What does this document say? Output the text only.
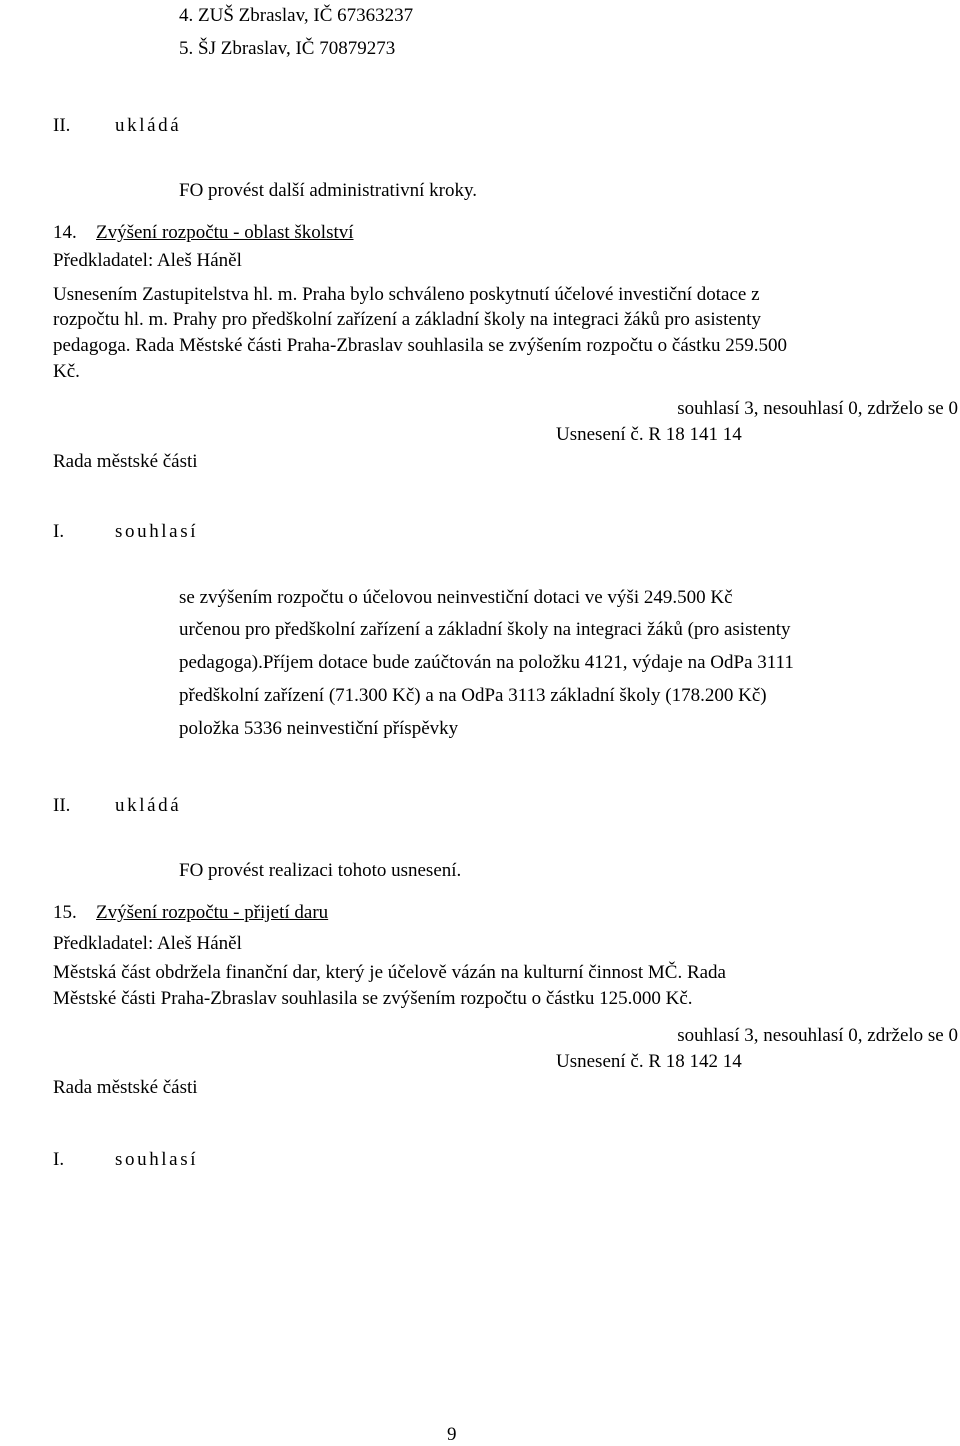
4. ZUŠ Zbraslav, IČ 67363237

5. ŠJ Zbraslav, IČ 70879273

II. ukládá

FO provést další administrativní kroky.

14. Zvýšení rozpočtu - oblast školství

Předkladatel: Aleš Háněl

Usnesením Zastupitelstva hl. m. Praha bylo schváleno poskytnutí účelové investiční dotace z

rozpočtu hl. m. Prahy pro předškolní zařízení a základní školy na integraci žáků pro asistenty

pedagoga. Rada Městské části Praha-Zbraslav souhlasila se zvýšením rozpočtu o částku 259.500

Kč.

souhlasí 3, nesouhlasí 0, zdrželo se 0

Usnesení č. R 18 141 14

Rada městské části

I.	souhlasí

se zvýšením rozpočtu o účelovou neinvestiční dotaci ve výši 249.500 Kč

určenou pro předškolní zařízení a základní školy na integraci žáků (pro asistenty

pedagoga).Příjem dotace bude zaúčtován na položku 4121, výdaje na OdPa 3111

předškolní zařízení (71.300 Kč) a na OdPa 3113 základní školy (178.200 Kč)

položka 5336 neinvestiční příspěvky

II. ukládá

FO provést realizaci tohoto usnesení.

15. Zvýšení rozpočtu - přijetí daru

Předkladatel: Aleš Háněl

Městská část obdržela finanční dar, který je účelově vázán na kulturní činnost MČ. Rada

Městské části Praha-Zbraslav souhlasila se zvýšením rozpočtu o částku 125.000 Kč.

souhlasí 3, nesouhlasí 0, zdrželo se 0

Usnesení č. R 18 142 14

Rada městské části

I.	souhlasí

9
